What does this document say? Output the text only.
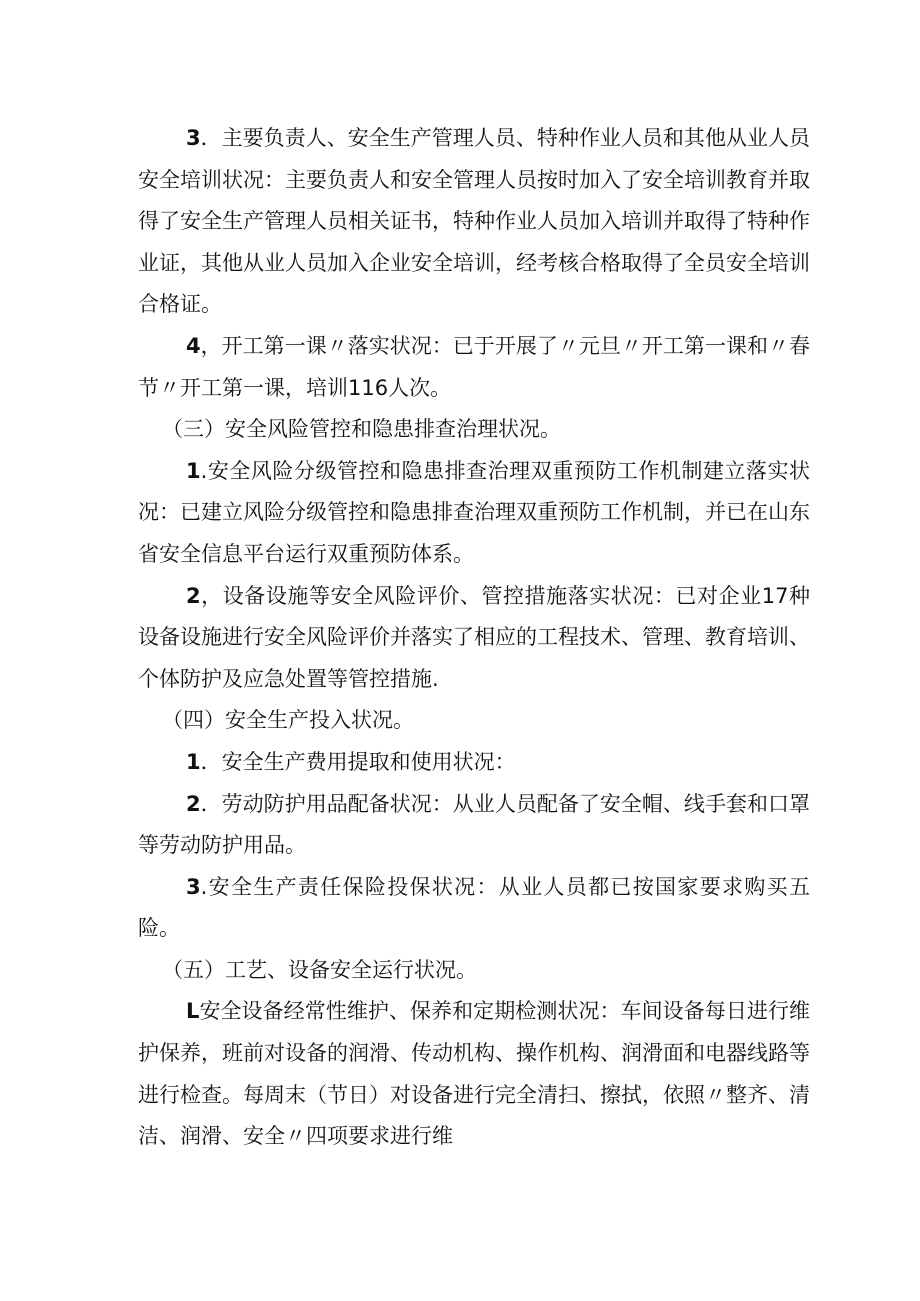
3．主要负责人、安全生产管理人员、特种作业人员和其他从业人员安全培训状况：主要负责人和安全管理人员按时加入了安全培训教育并取得了安全生产管理人员相关证书，特种作业人员加入培训并取得了特种作业证，其他从业人员加入企业安全培训，经考核合格取得了全员安全培训合格证。

4，开工第一课〃落实状况：已于开展了〃元旦〃开工第一课和〃春节〃开工第一课，培训116人次。

（三）安全风险管控和隐患排查治理状况。

1.安全风险分级管控和隐患排查治理双重预防工作机制建立落实状况：已建立风险分级管控和隐患排查治理双重预防工作机制，并已在山东省安全信息平台运行双重预防体系。

2，设备设施等安全风险评价、管控措施落实状况：已对企业17种设备设施进行安全风险评价并落实了相应的工程技术、管理、教育培训、个体防护及应急处置等管控措施.

（四）安全生产投入状况。

1．安全生产费用提取和使用状况：

2．劳动防护用品配备状况：从业人员配备了安全帽、线手套和口罩等劳动防护用品。

3.安全生产责任保险投保状况：从业人员都已按国家要求购买五险。

（五）工艺、设备安全运行状况。

L安全设备经常性维护、保养和定期检测状况：车间设备每日进行维护保养，班前对设备的润滑、传动机构、操作机构、润滑面和电器线路等进行检查。每周末（节日）对设备进行完全清扫、擦拭，依照〃整齐、清洁、润滑、安全〃四项要求进行维
